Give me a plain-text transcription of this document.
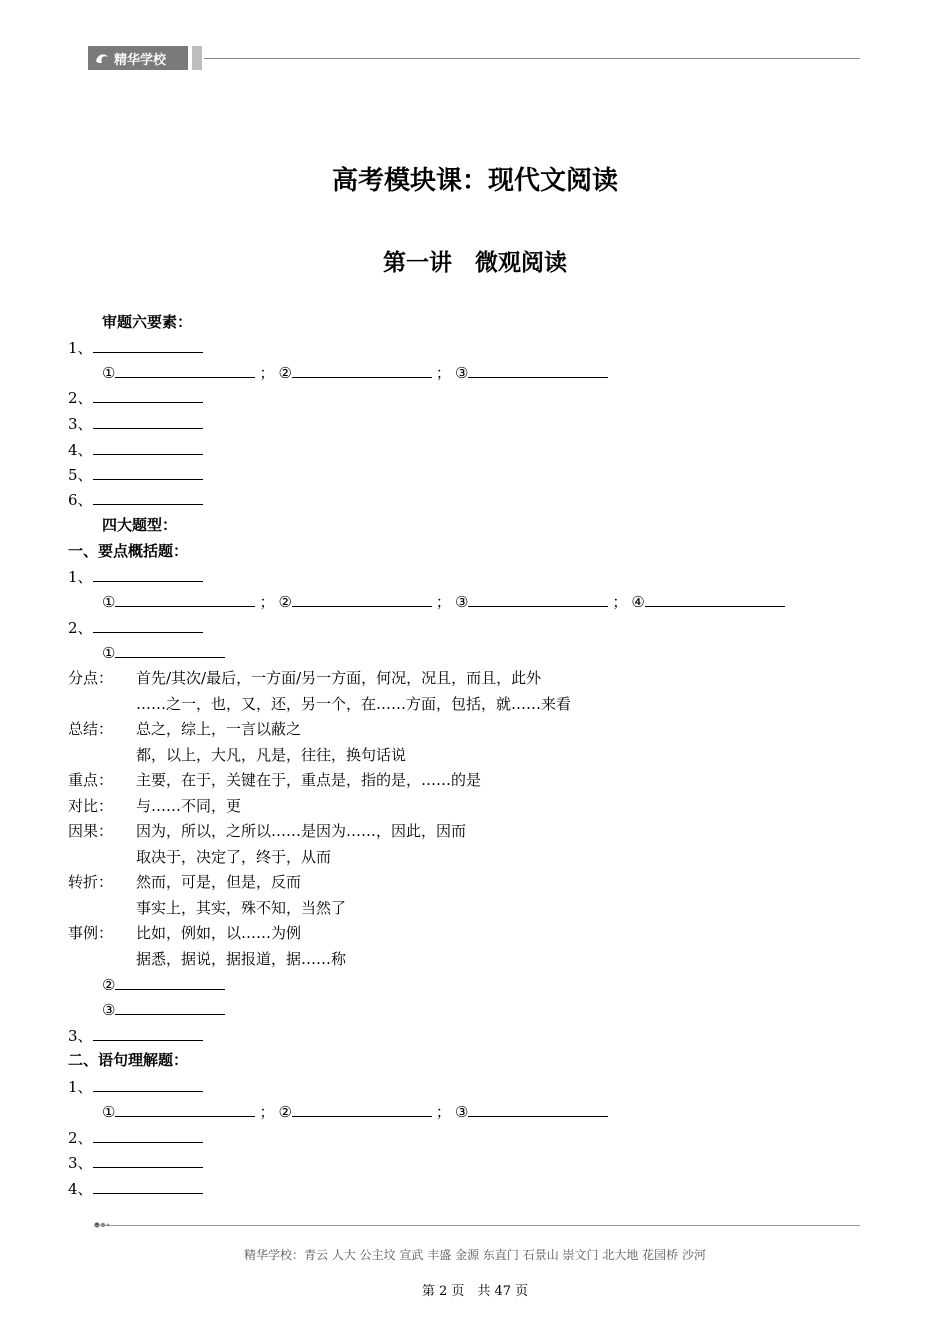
精华学校
高考模块课：现代文阅读
第一讲　微观阅读
审题六要素：
1、
①	； ②	； ③
2、
3、
4、
5、
6、
四大题型：
一、要点概括题：
1、
①	； ②	； ③	； ④
2、
①
分点： 首先/其次/最后，一方面/另一方面，何况，况且，而且，此外
……之一，也，又，还，另一个，在……方面，包括，就……来看
总结： 总之，综上，一言以蔽之
都，以上，大凡，凡是，往往，换句话说
重点： 主要，在于，关键在于，重点是，指的是，……的是
对比： 与……不同，更
因果： 因为，所以，之所以……是因为……，因此，因而
取决于，决定了，终于，从而
转折： 然而，可是，但是，反而
事实上，其实，殊不知，当然了
事例： 比如，例如，以……为例
据悉，据说，据报道，据……称
②
③
3、
二、语句理解题：
1、
①	； ②	； ③
2、
3、
4、
精华学校：青云 人大 公主坟 宣武 丰盛 金源 东直门 石景山 崇文门 北大地 花园桥 沙河
第 2 页　共 47 页
